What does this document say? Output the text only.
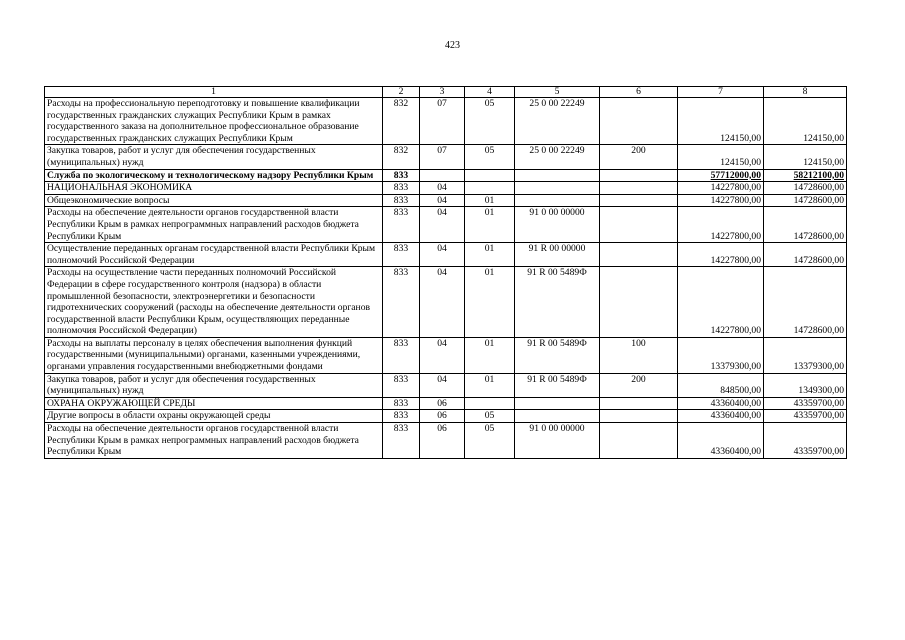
423
1	2	3	4	5	6	7	8
Расходы на профессиональную переподготовку и повышение квалификации государственных гражданских служащих Республики Крым в рамках государственного заказа на дополнительное профессиональное образование государственных гражданских служащих Республики Крым	832	07	05	25 0 00 22249		124150,00	124150,00
Закупка товаров, работ и услуг для обеспечения государственных (муниципальных) нужд	832	07	05	25 0 00 22249	200	124150,00	124150,00
Служба по экологическому и технологическому надзору Республики Крым	833					57712000,00	58212100,00
НАЦИОНАЛЬНАЯ ЭКОНОМИКА	833	04				14227800,00	14728600,00
Общеэкономические вопросы	833	04	01			14227800,00	14728600,00
Расходы на обеспечение деятельности органов государственной власти Республики Крым в рамках непрограммных направлений расходов бюджета Республики Крым	833	04	01	91 0 00 00000		14227800,00	14728600,00
Осуществление переданных органам государственной власти Республики Крым полномочий Российской Федерации	833	04	01	91 R 00 00000		14227800,00	14728600,00
Расходы на осуществление части переданных полномочий Российской Федерации в сфере государственного контроля (надзора) в области промышленной безопасности, электроэнергетики и безопасности гидротехнических сооружений (расходы на обеспечение деятельности органов государственной власти Республики Крым, осуществляющих переданные полномочия Российской Федерации)	833	04	01	91 R 00 5489Ф		14227800,00	14728600,00
Расходы на выплаты персоналу в целях обеспечения выполнения функций государственными (муниципальными) органами, казенными учреждениями, органами управления государственными внебюджетными фондами	833	04	01	91 R 00 5489Ф	100	13379300,00	13379300,00
Закупка товаров, работ и услуг для обеспечения государственных (муниципальных) нужд	833	04	01	91 R 00 5489Ф	200	848500,00	1349300,00
ОХРАНА ОКРУЖАЮЩЕЙ СРЕДЫ	833	06				43360400,00	43359700,00
Другие вопросы в области охраны окружающей среды	833	06	05			43360400,00	43359700,00
Расходы на обеспечение деятельности органов государственной власти Республики Крым в рамках непрограммных направлений расходов бюджета Республики Крым	833	06	05	91 0 00 00000		43360400,00	43359700,00
